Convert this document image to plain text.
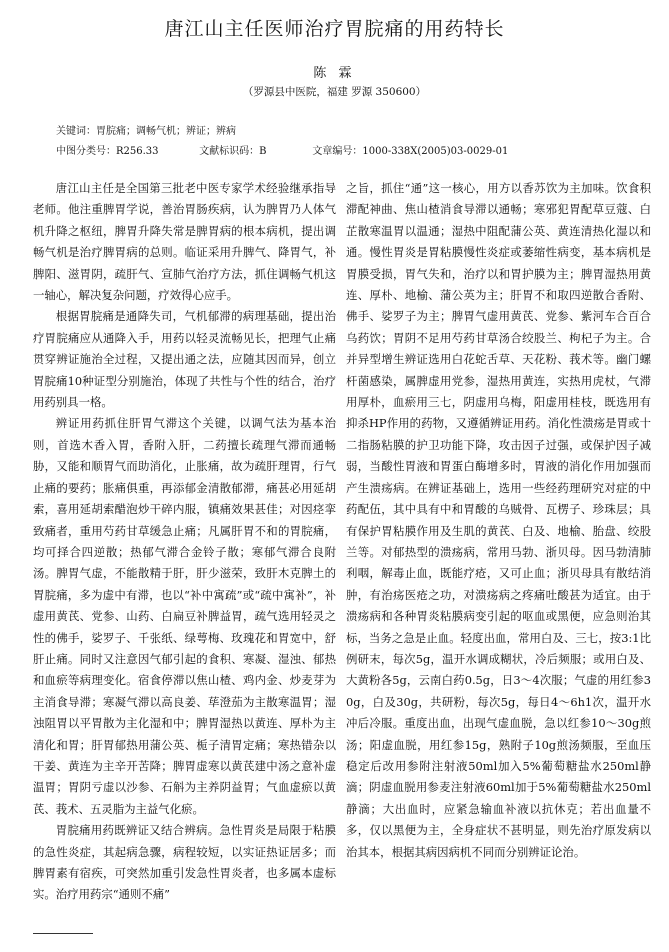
唐江山主任医师治疗胃脘痛的用药特长
陈 霖
（罗源县中医院，福建 罗源 350600）
关键词：胃脘痛；调畅气机；辨证；辨病
中图分类号：R256.33	文献标识码：B	文章编号：1000-338X(2005)03-0029-01

唐江山主任是全国第三批老中医专家学术经验继承指导老师。他注重脾胃学说，善治胃肠疾病，认为脾胃乃人体气机升降之枢纽，脾胃升降失常是脾胃病的根本病机，提出调畅气机是治疗脾胃病的总则。临证采用升脾气、降胃气，补脾阳、滋胃阴，疏肝气、宣肺气治疗方法，抓住调畅气机这一轴心，解决复杂问题，疗效得心应手。

根据胃脘痛是通降失司，气机郁滞的病理基础，提出治疗胃脘痛应从通降入手，用药以轻灵流畅见长，把理气止痛贯穿辨证施治全过程，又提出通之法，应随其因而异，创立胃脘痛10种证型分别施治，体现了共性与个性的结合，治疗用药别具一格。

辨证用药抓住肝胃气滞这个关键，以调气法为基本治则，首选木香入胃，香附入肝，二药擅长疏理气滞而通畅胁，又能和顺胃气而助消化，止胀痛，故为疏肝理胃，行气止痛的要药；胀痛俱重，再添郁金清散郁滞，痛甚必用延胡索，喜用延胡索醋泡炒干碎内服，镇痛效果甚佳；对因痉挛致痛者，重用芍药甘草缓急止痛；凡属肝胃不和的胃脘痛，均可择合四逆散；热郁气滞合金铃子散；寒郁气滞合良附汤。脾胃气虚，不能散精于肝，肝少滋荣，致肝木克脾土的胃脘痛，多为虚中有滞，也以“补中寓疏”或“疏中寓补”，补虚用黄芪、党参、山药、白扁豆补脾益胃，疏气选用轻灵之性的佛手，娑罗子、千张纸、绿萼梅、玫瑰花和胃宽中，舒肝止痛。同时又注意因气郁引起的食积、寒凝、湿浊、郁热和血瘀等病理变化。宿食停滞以焦山楂、鸡内金、炒麦芽为主消食导滞；寒凝气滞以高良姜、荜澄茄为主散寒温胃；湿浊阻胃以平胃散为主化湿和中；脾胃湿热以黄连、厚朴为主清化和胃；肝胃郁热用蒲公英、栀子清胃定痛；寒热错杂以干姜、黄连为主辛开苦降；脾胃虚寒以黄芪建中汤之意补虚温胃；胃阴亏虚以沙参、石斛为主养阴益胃；气血虚瘀以黄芪、莪术、五灵脂为主益气化瘀。

胃脘痛用药既辨证又结合辨病。急性胃炎是局限于粘膜的急性炎症，其起病急骤，病程较短，以实证热证居多；而脾胃素有宿疾，可突然加重引发急性胃炎者，也多属本虚标实。治疗用药宗“通则不痛”

之旨，抓住“通”这一核心，用方以香苏饮为主加味。饮食积滞配神曲、焦山楂消食导滞以通畅；寒邪犯胃配草豆蔻、白芷散寒温胃以温通；湿热中阻配蒲公英、黄连清热化湿以和通。慢性胃炎是胃粘膜慢性炎症或萎缩性病变，基本病机是胃膜受损，胃气失和，治疗以和胃护膜为主；脾胃湿热用黄连、厚朴、地榆、蒲公英为主；肝胃不和取四逆散合香附、佛手、娑罗子为主；脾胃气虚用黄芪、党参、紫河车合百合乌药饮；胃阴不足用芍药甘草汤合绞股兰、枸杞子为主。合并异型增生辨证选用白花蛇舌草、天花粉、莪术等。幽门螺杆菌感染，属脾虚用党参，湿热用黄连，实热用虎杖，气滞用厚朴，血瘀用三七，阴虚用乌梅，阳虚用桂枝，既选用有抑杀HP作用的药物，又遵循辨证用药。消化性溃疡是胃或十二指肠粘膜的护卫功能下降，攻击因子过强，或保护因子减弱，当酸性胃液和胃蛋白酶增多时，胃液的消化作用加强而产生溃疡病。在辨证基础上，选用一些经药理研究对症的中药配伍，其中具有中和胃酸的乌贼骨、瓦楞子、珍珠层；具有保护胃粘膜作用及生肌的黄芪、白及、地榆、胎盘、绞股兰等。对郁热型的溃疡病，常用马勃、浙贝母。因马勃清肺利咽，解毒止血，既能疗疮，又可止血；浙贝母具有散结消肿，有治疡医疮之功，对溃疡病之疼痛吐酸甚为适宜。由于溃疡病和各种胃炎粘膜病变引起的呕血或黑便，应急则治其标，当务之急是止血。轻度出血，常用白及、三七，按3:1比例研末，每次5g，温开水调成糊状，冷后频服；或用白及、大黄粉各5g，云南白药0.5g，日3～4次服；气虚的用红参30g，白及30g，共研粉，每次5g，每日4～6h1次，温开水冲后冷服。重度出血，出现气虚血脱，急以红参10～30g煎汤；阳虚血脱，用红参15g，熟附子10g煎汤频服，至血压稳定后改用参附注射液50ml加入5%葡萄糖盐水250ml静滴；阴虚血脱用参麦注射液60ml加于5%葡萄糖盐水250ml静滴；大出血时，应紧急输血补液以抗休克；若出血量不多，仅以黑便为主，全身症状不甚明显，则先治疗原发病以治其本，根据其病因病机不同而分别辨证论治。
